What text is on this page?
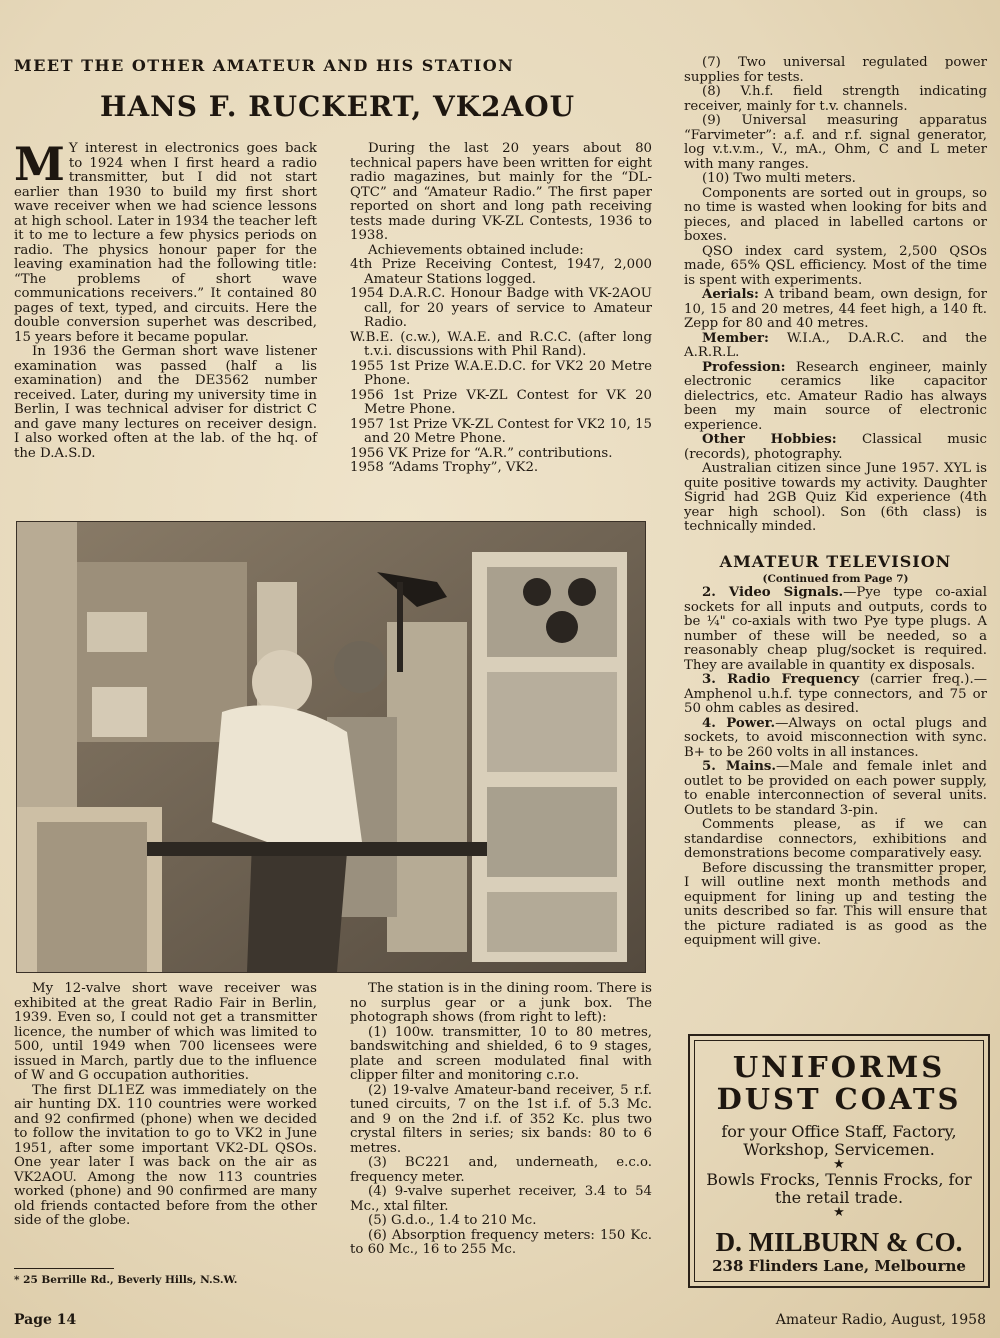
MEET THE OTHER AMATEUR AND HIS STATION
HANS F. RUCKERT, VK2AOU

M Y interest in electronics goes back to 1924 when I first heard a radio transmitter, but I did not start earlier than 1930 to build my first short wave receiver when we had science lessons at high school. Later in 1934 the teacher left it to me to lecture a few physics periods on radio. The physics honour paper for the leaving examination had the following title: “The problems of short wave communications receivers.” It contained 80 pages of text, typed, and circuits. Here the double conversion superhet was described, 15 years before it became popular.

In 1936 the German short wave listener examination was passed (half a lis examination) and the DE3562 number received. Later, during my university time in Berlin, I was technical adviser for district C and gave many lectures on receiver design. I also worked often at the lab. of the hq. of the D.A.S.D.

During the last 20 years about 80 technical papers have been written for eight radio magazines, but mainly for the “DL-QTC” and “Amateur Radio.” The first paper reported on short and long path receiving tests made during VK-ZL Contests, 1936 to 1938.

Achievements obtained include:

4th Prize Receiving Contest, 1947, 2,000 Amateur Stations logged.

1954 D.A.R.C. Honour Badge with VK-2AOU call, for 20 years of service to Amateur Radio.

W.B.E. (c.w.), W.A.E. and R.C.C. (after long t.v.i. discussions with Phil Rand).

1955 1st Prize W.A.E.D.C. for VK2 20 Metre Phone.

1956 1st Prize VK-ZL Contest for VK 20 Metre Phone.

1957 1st Prize VK-ZL Contest for VK2 10, 15 and 20 Metre Phone.

1956 VK Prize for “A.R.” contributions.

1958 “Adams Trophy”, VK2.

(7) Two universal regulated power supplies for tests.

(8) V.h.f. field strength indicating receiver, mainly for t.v. channels.

(9) Universal measuring apparatus “Farvimeter”: a.f. and r.f. signal generator, log v.t.v.m., V., mA., Ohm, C and L meter with many ranges.

(10) Two multi meters.

Components are sorted out in groups, so no time is wasted when looking for bits and pieces, and placed in labelled cartons or boxes.

QSO index card system, 2,500 QSOs made, 65% QSL efficiency. Most of the time is spent with experiments.

Aerials: A triband beam, own design, for 10, 15 and 20 metres, 44 feet high, a 140 ft. Zepp for 80 and 40 metres.

Member: W.I.A., D.A.R.C. and the A.R.R.L.

Profession: Research engineer, mainly electronic ceramics like capacitor dielectrics, etc. Amateur Radio has always been my main source of electronic experience.

Other Hobbies: Classical music (records), photography.

Australian citizen since June 1957. XYL is quite positive towards my activity. Daughter Sigrid had 2GB Quiz Kid experience (4th year high school). Son (6th class) is technically minded.

AMATEUR TELEVISION
(Continued from Page 7)

2. Video Signals.—Pye type co-axial sockets for all inputs and outputs, cords to be ¼" co-axials with two Pye type plugs. A number of these will be needed, so a reasonably cheap plug/socket is required. They are available in quantity ex disposals.

3. Radio Frequency (carrier freq.).—Amphenol u.h.f. type connectors, and 75 or 50 ohm cables as desired.

4. Power.—Always on octal plugs and sockets, to avoid misconnection with sync. B+ to be 260 volts in all instances.

5. Mains.—Male and female inlet and outlet to be provided on each power supply, to enable interconnection of several units. Outlets to be standard 3-pin.

Comments please, as if we can standardise connectors, exhibitions and demonstrations become comparatively easy.

Before discussing the transmitter proper, I will outline next month methods and equipment for lining up and testing the units described so far. This will ensure that the picture radiated is as good as the equipment will give.

My 12-valve short wave receiver was exhibited at the great Radio Fair in Berlin, 1939. Even so, I could not get a transmitter licence, the number of which was limited to 500, until 1949 when 700 licensees were issued in March, partly due to the influence of W and G occupation authorities.

The first DL1EZ was immediately on the air hunting DX. 110 countries were worked and 92 confirmed (phone) when we decided to follow the invitation to go to VK2 in June 1951, after some important VK2-DL QSOs. One year later I was back on the air as VK2AOU. Among the now 113 countries worked (phone) and 90 confirmed are many old friends contacted before from the other side of the globe.

The station is in the dining room. There is no surplus gear or a junk box. The photograph shows (from right to left):

(1) 100w. transmitter, 10 to 80 metres, bandswitching and shielded, 6 to 9 stages, plate and screen modulated final with clipper filter and monitoring c.r.o.

(2) 19-valve Amateur-band receiver, 5 r.f. tuned circuits, 7 on the 1st i.f. of 5.3 Mc. and 9 on the 2nd i.f. of 352 Kc. plus two crystal filters in series; six bands: 80 to 6 metres.

(3) BC221 and, underneath, e.c.o. frequency meter.

(4) 9-valve superhet receiver, 3.4 to 54 Mc., xtal filter.

(5) G.d.o., 1.4 to 210 Mc.

(6) Absorption frequency meters: 150 Kc. to 60 Mc., 16 to 255 Mc.

UNIFORMS
DUST COATS
for your Office Staff, Factory, Workshop, Servicemen.
★
Bowls Frocks, Tennis Frocks, for the retail trade.
★
D. MILBURN & CO.
238 Flinders Lane, Melbourne
* 25 Berrille Rd., Beverly Hills, N.S.W.
Page 14	Amateur Radio, August, 1958
